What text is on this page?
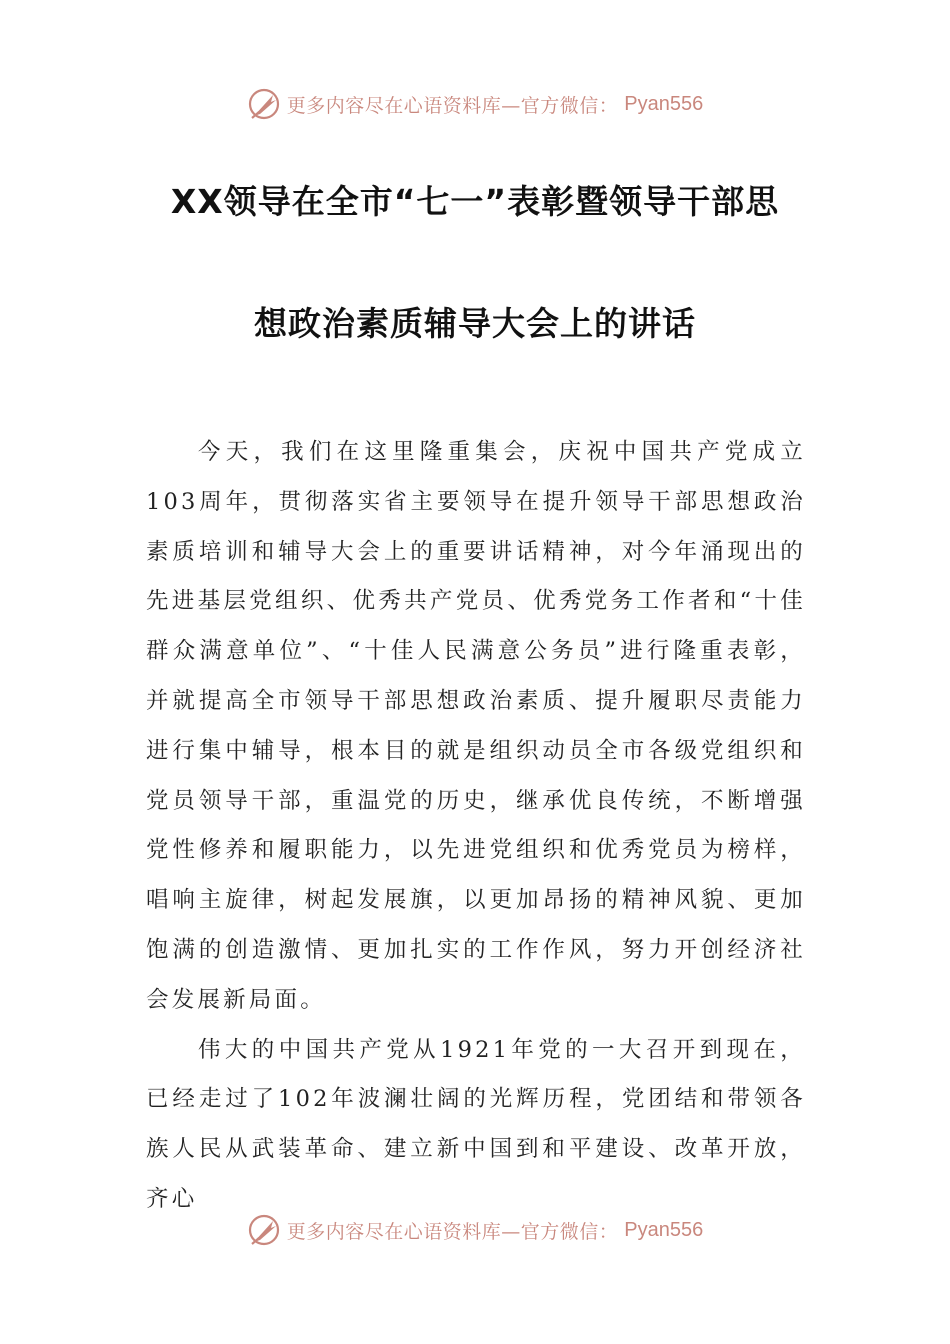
更多内容尽在心语资料库—官方微信： Pyan556
XX领导在全市“七一”表彰暨领导干部思
想政治素质辅导大会上的讲话

今天，我们在这里隆重集会，庆祝中国共产党成立103周年，贯彻落实省主要领导在提升领导干部思想政治素质培训和辅导大会上的重要讲话精神，对今年涌现出的先进基层党组织、优秀共产党员、优秀党务工作者和“十佳群众满意单位”、“十佳人民满意公务员”进行隆重表彰，并就提高全市领导干部思想政治素质、提升履职尽责能力进行集中辅导，根本目的就是组织动员全市各级党组织和党员领导干部，重温党的历史，继承优良传统，不断增强党性修养和履职能力，以先进党组织和优秀党员为榜样，唱响主旋律，树起发展旗，以更加昂扬的精神风貌、更加饱满的创造激情、更加扎实的工作作风，努力开创经济社会发展新局面。

伟大的中国共产党从1921年党的一大召开到现在，已经走过了102年波澜壮阔的光辉历程，党团结和带领各族人民从武装革命、建立新中国到和平建设、改革开放，齐心

更多内容尽在心语资料库—官方微信： Pyan556
